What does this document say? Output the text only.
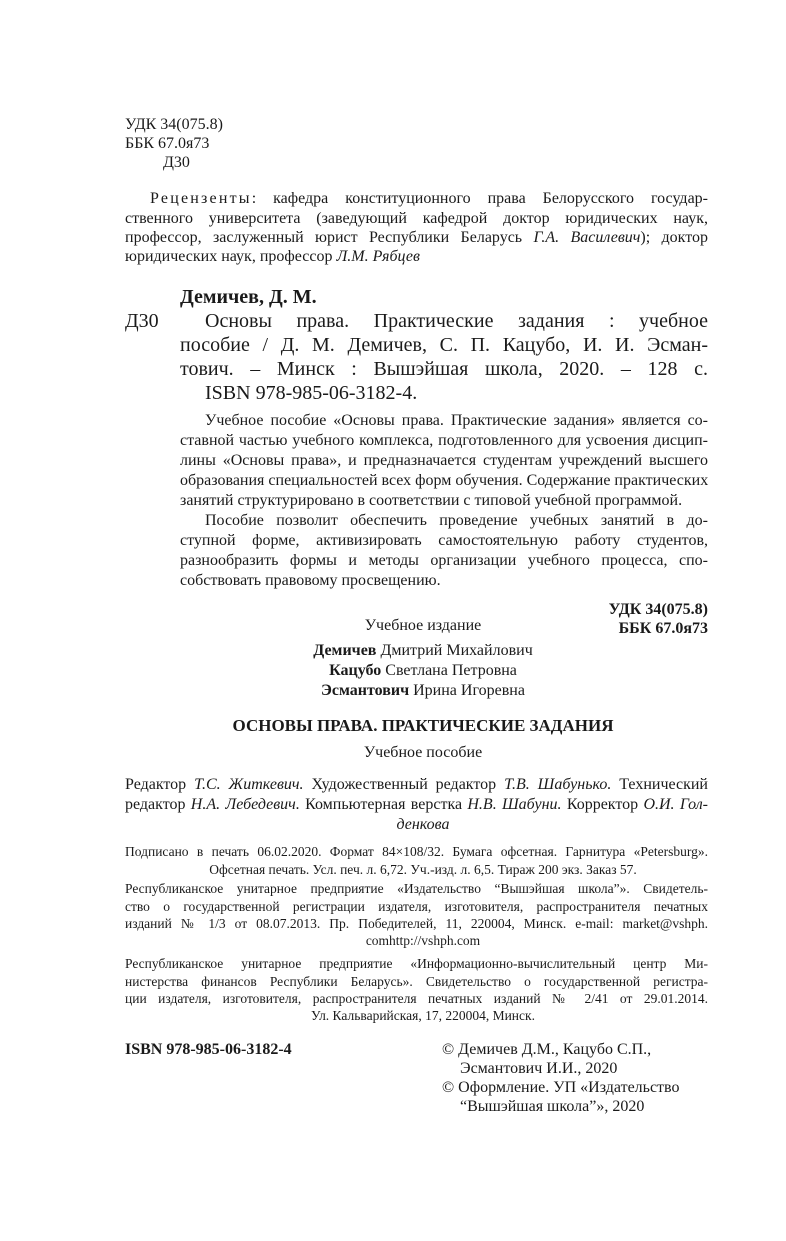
УДК 34(075.8)
ББК 67.0я73
Д30
Рецензенты: кафедра конституционного права Белорусского государ-
ственного университета (заведующий кафедрой доктор юридических наук,
профессор, заслуженный юрист Республики Беларусь Г.А. Василевич); доктор
юридических наук, профессор Л.М. Рябцев
Демичев, Д. М.
Д30 Основы права. Практические задания : учебное
пособие / Д. М. Демичев, С. П. Кацубо, И. И. Эсман-
тович. – Минск : Вышэйшая школа, 2020. – 128 с.
ISBN 978-985-06-3182-4.
Учебное пособие «Основы права. Практические задания» является со-
ставной частью учебного комплекса, подготовленного для усвоения дисцип-
лины «Основы права», и предназначается студентам учреждений высшего
образования специальностей всех форм обучения. Содержание практических
занятий структурировано в соответствии с типовой учебной программой.
Пособие позволит обеспечить проведение учебных занятий в до-
ступной форме, активизировать самостоятельную работу студентов,
разнообразить формы и методы организации учебного процесса, спо-
собствовать правовому просвещению.
УДК 34(075.8)
ББК 67.0я73
Учебное издание
Демичев Дмитрий Михайлович
Кацубо Светлана Петровна
Эсмантович Ирина Игоревна
ОСНОВЫ ПРАВА. ПРАКТИЧЕСКИЕ ЗАДАНИЯ
Учебное пособие
Редактор Т.С. Житкевич. Художественный редактор Т.В. Шабунько. Технический
редактор Н.А. Лебедевич. Компьютерная верстка Н.В. Шабуни. Корректор О.И. Гол-
денкова
Подписано в печать 06.02.2020. Формат 84×108/32. Бумага офсетная. Гарнитура «Petersburg».
Офсетная печать. Усл. печ. л. 6,72. Уч.-изд. л. 6,5. Тираж 200 экз. Заказ 57.
Республиканское унитарное предприятие «Издательство “Вышэйшая школа”». Свидетель-
ство о государственной регистрации издателя, изготовителя, распространителя печатных
изданий № 1/3 от 08.07.2013. Пр. Победителей, 11, 220004, Минск. e-mail: market@vshph.
comhttp://vshph.com
Республиканское унитарное предприятие «Информационно-вычислительный центр Ми-
нистерства финансов Республики Беларусь». Свидетельство о государственной регистра-
ции издателя, изготовителя, распространителя печатных изданий № 2/41 от 29.01.2014.
Ул. Кальварийская, 17, 220004, Минск.
ISBN 978-985-06-3182-4	© Демичев Д.М., Кацубо С.П.,
Эсмантович И.И., 2020
© Оформление. УП «Издательство
“Вышэйшая школа”», 2020
